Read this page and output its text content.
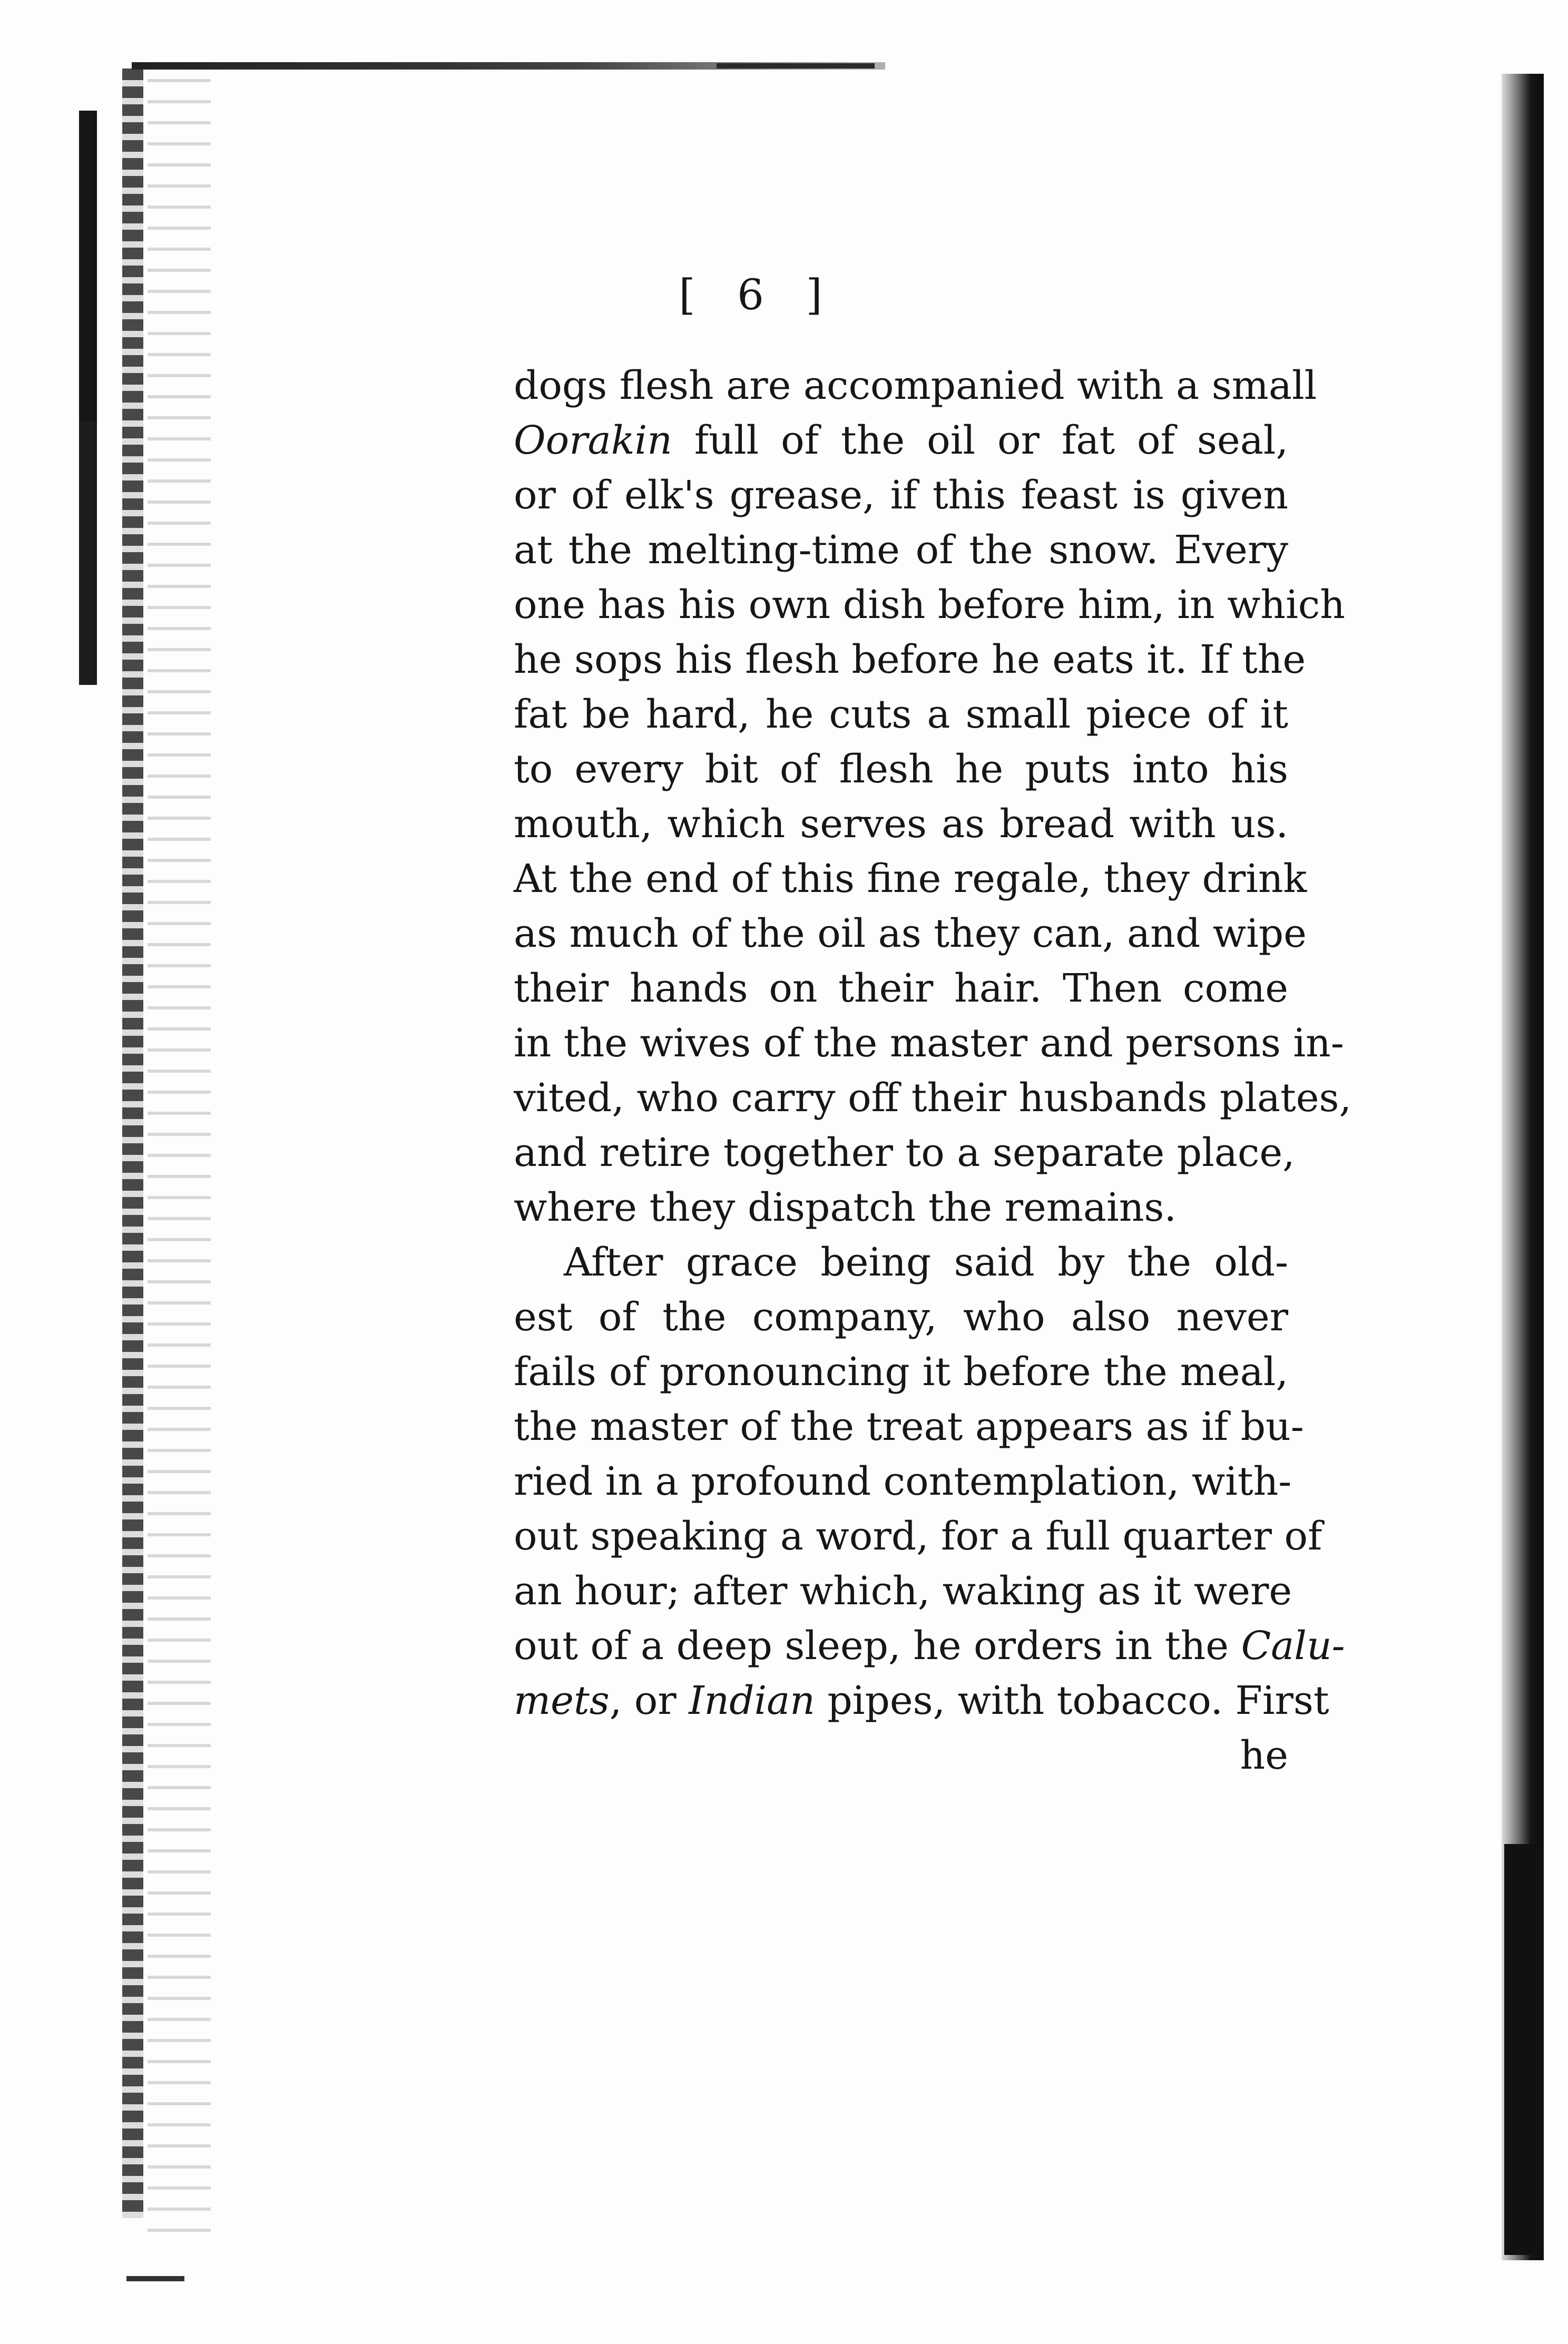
[ 6 ]
dogs flesh are accompanied with a small
Oorakin full of the oil or fat of seal,
or of elk's grease, if this feast is given
at the melting-time of the snow. Every
one has his own dish before him, in which
he sops his flesh before he eats it. If the
fat be hard, he cuts a small piece of it
to every bit of flesh he puts into his
mouth, which serves as bread with us.
At the end of this fine regale, they drink
as much of the oil as they can, and wipe
their hands on their hair. Then come
in the wives of the master and persons in-
vited, who carry off their husbands plates,
and retire together to a separate place,
where they dispatch the remains.
After grace being said by the old-
est of the company, who also never
fails of pronouncing it before the meal,
the master of the treat appears as if bu-
ried in a profound contemplation, with-
out speaking a word, for a full quarter of
an hour; after which, waking as it were
out of a deep sleep, he orders in the Calu-
mets, or Indian pipes, with tobacco. First
he
